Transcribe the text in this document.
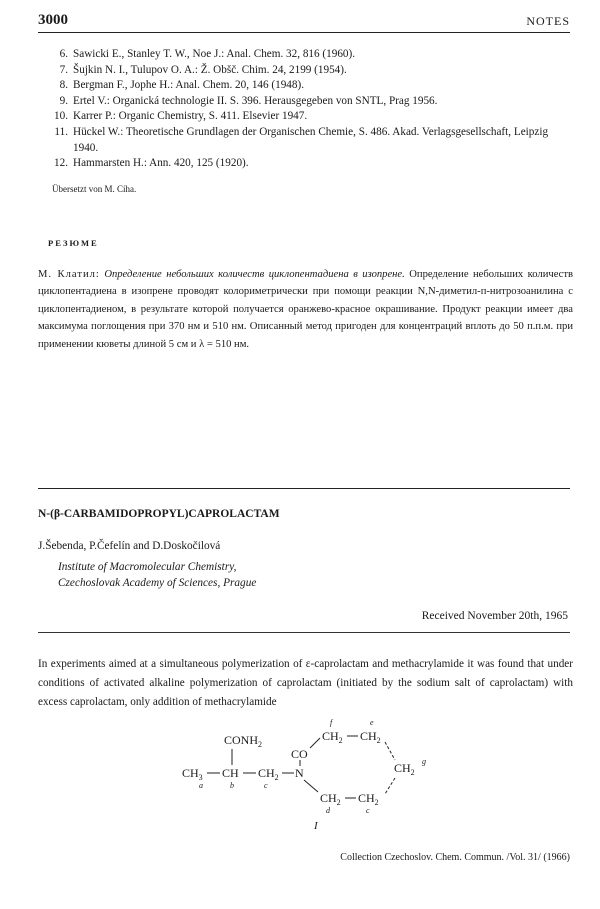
3000	NOTES
6. Sawicki E., Stanley T. W., Noe J.: Anal. Chem. 32, 816 (1960).
7. Šujkin N. I., Tulupov O. A.: Ž. Obšč. Chim. 24, 2199 (1954).
8. Bergman F., Jophe H.: Anal. Chem. 20, 146 (1948).
9. Ertel V.: Organická technologie II. S. 396. Herausgegeben von SNTL, Prag 1956.
10. Karrer P.: Organic Chemistry, S. 411. Elsevier 1947.
11. Hückel W.: Theoretische Grundlagen der Organischen Chemie, S. 486. Akad. Verlagsgesellschaft, Leipzig 1940.
12. Hammarsten H.: Ann. 420, 125 (1920).
Übersetzt von M. Cíha.
РЕЗЮМЕ
М. Клатил: Определение небольших количеств циклопентадиена в изопрене. Определение небольших количеств циклопентадиена в изопрене проводят колориметрически при помощи реакции N,N-диметил-п-нитрозоанилина с циклопентадиеном, в результате которой получается оранжево-красное окрашивание. Продукт реакции имеет два максимума поглощения при 370 нм и 510 нм. Описанный метод пригоден для концентраций вплоть до 50 п.п.м. при применении кюветы длиной 5 см и λ = 510 нм.
N-(β-CARBAMIDOPROPYL)CAPROLACTAM
J.Šebenda, P.Čefelín and D.Doskočilová
Institute of Macromolecular Chemistry,
Czechoslovak Academy of Sciences, Prague
Received November 20th, 1965
In experiments aimed at a simultaneous polymerization of ε-caprolactam and methacrylamide it was found that under conditions of activated alkaline polymerization of caprolactam (initiated by the sodium salt of caprolactam) with excess caprolactam, only addition of methacrylamide
$CONH_2$
$CH_3$ CH $CH_2$ N
a	b	c
CO
$CH_2$ $CH_2$
f	e
$CH_2$
g
$CH_2$ $CH_2$
d	c
I
Collection Czechoslov. Chem. Commun. /Vol. 31/ (1966)
